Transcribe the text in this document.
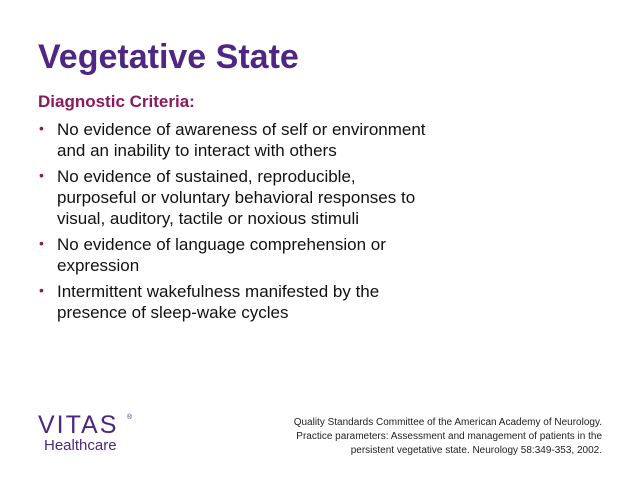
Vegetative State
Diagnostic Criteria:
• No evidence of awareness of self or environment
and an inability to interact with others
• No evidence of sustained, reproducible,
purposeful or voluntary behavioral responses to
visual, auditory, tactile or noxious stimuli
• No evidence of language comprehension or
expression
• Intermittent wakefulness manifested by the
presence of sleep-wake cycles
VITAS ®
Healthcare
Quality Standards Committee of the American Academy of Neurology.
Practice parameters: Assessment and management of patients in the
persistent vegetative state. Neurology 58:349-353, 2002.
